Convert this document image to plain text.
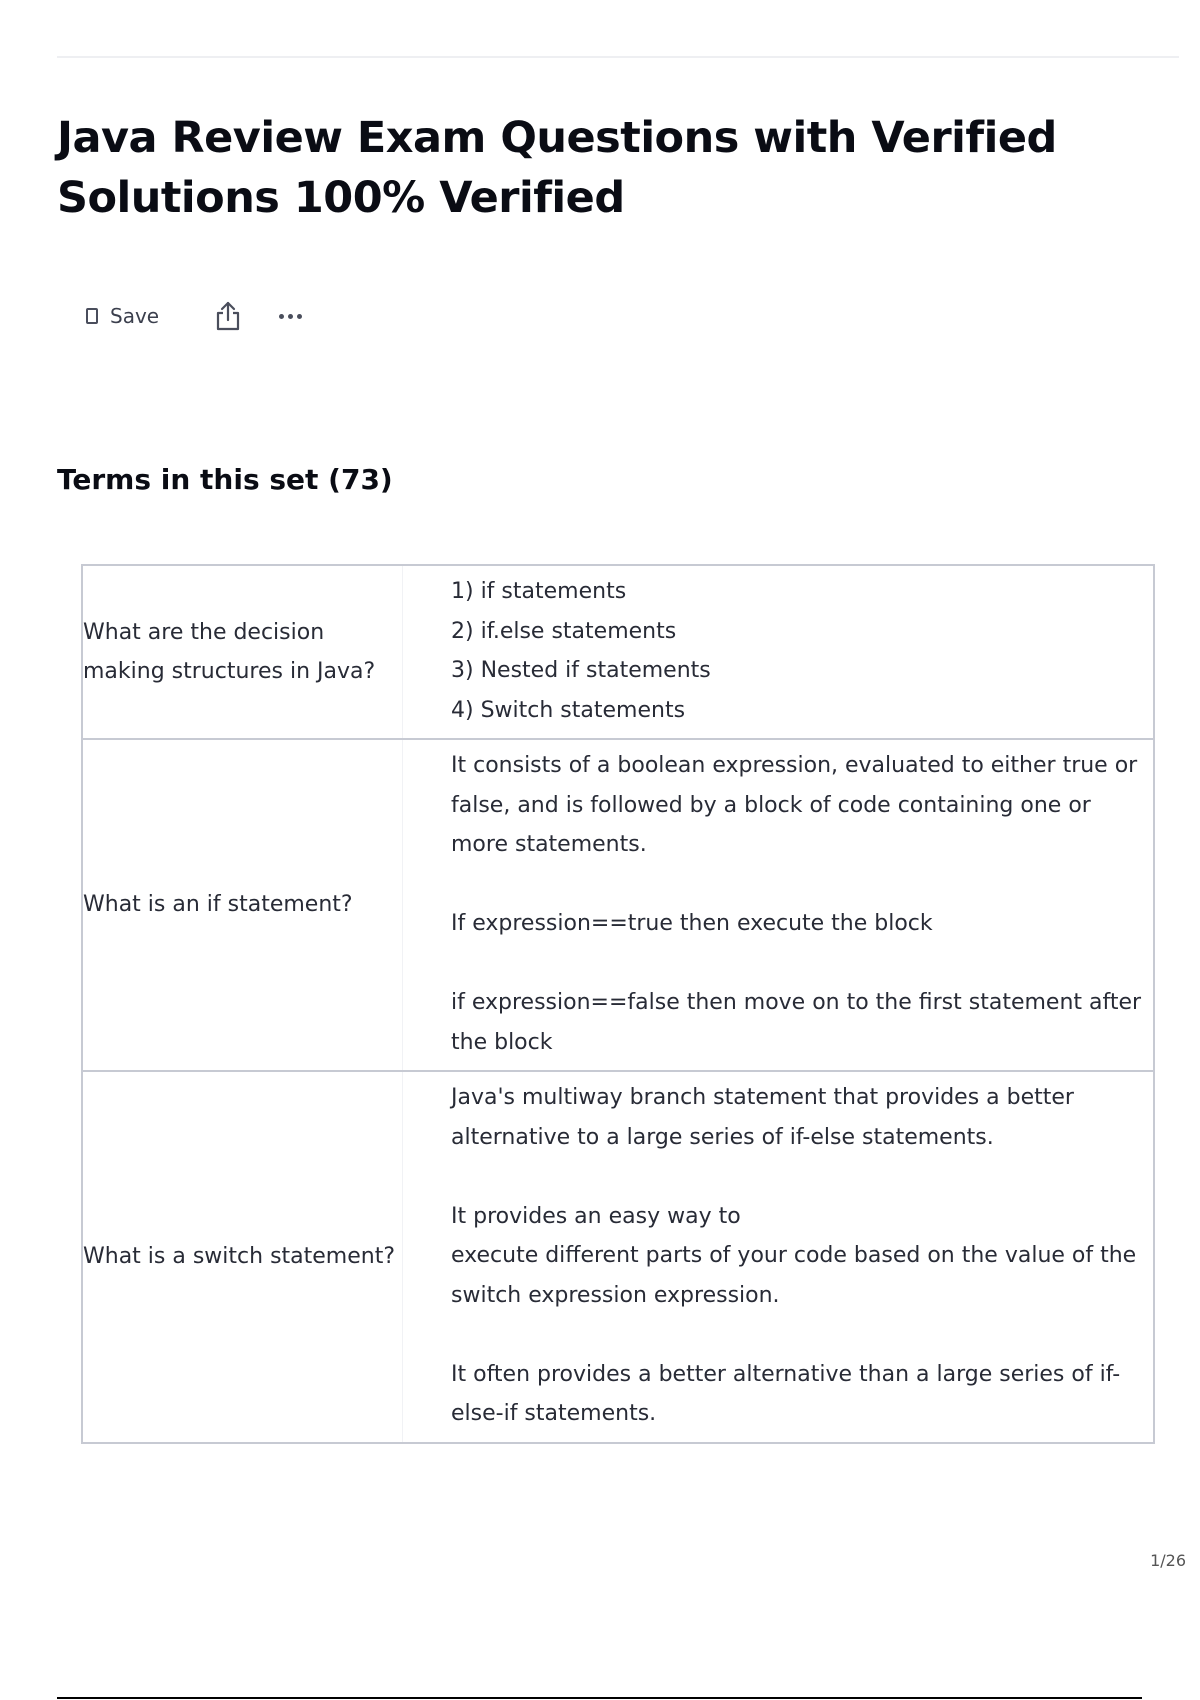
Java Review Exam Questions with Verified Solutions 100% Verified
Save
Terms in this set (73)
What are the decision making structures in Java?

1) if statements
2) if.else statements
3) Nested if statements
4) Switch statements

What is an if statement?

It consists of a boolean expression, evaluated to either true or false, and is followed by a block of code containing one or more statements.

If expression==true then execute the block

if expression==false then move on to the first statement after the block

What is a switch statement?

Java's multiway branch statement that provides a better alternative to a large series of if-else statements.

It provides an easy way to
execute different parts of your code based on the value of the switch expression expression.

It often provides a better alternative than a large series of if-else-if statements.

1/26
